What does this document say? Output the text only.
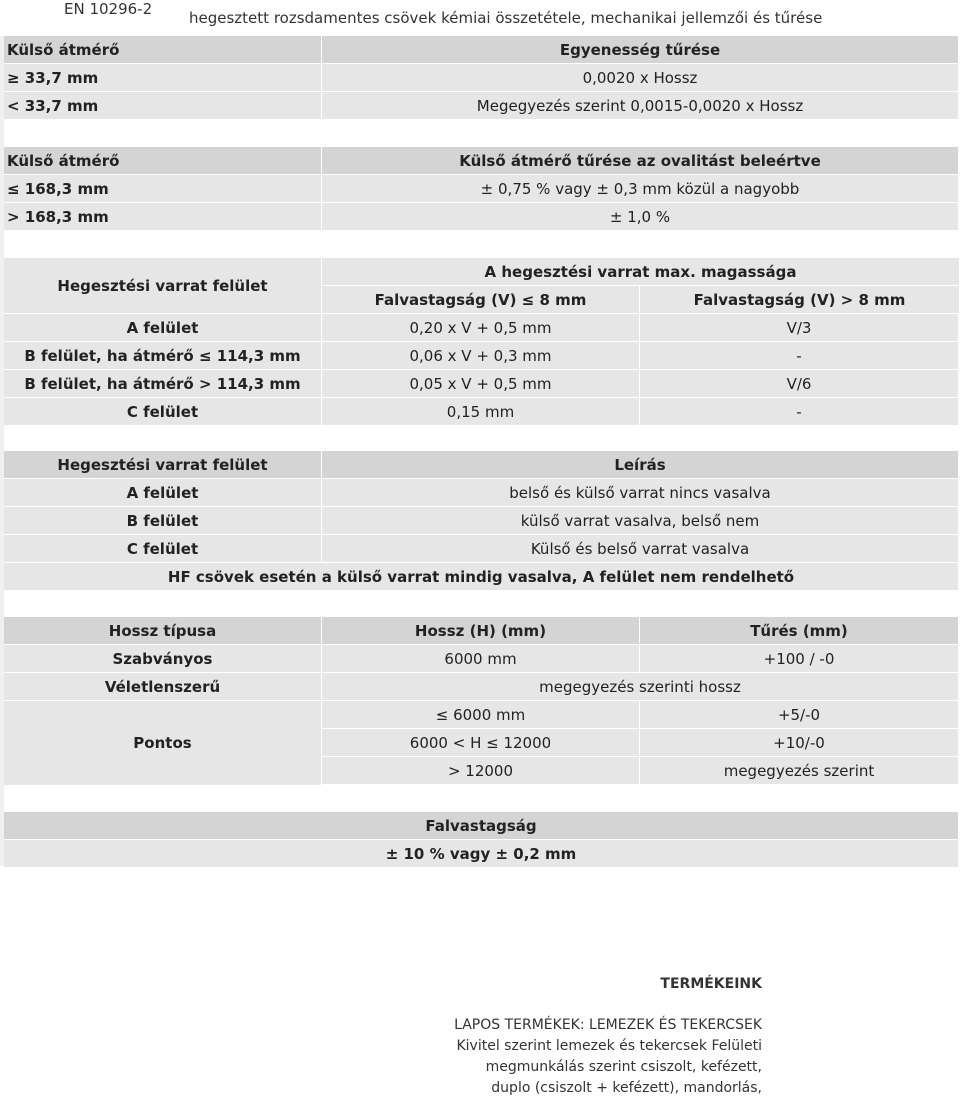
EN 10296-2 hegesztett rozsdamentes csövek kémiai összetétele, mechanikai jellemzői és tűrése
Külső átmérő	Egyenesség tűrése
≥ 33,7 mm	0,0020 x Hossz
< 33,7 mm	Megegyezés szerint 0,0015-0,0020 x Hossz
Külső átmérő	Külső átmérő tűrése az ovalitást beleértve
≤ 168,3 mm	± 0,75 % vagy ± 0,3 mm közül a nagyobb
> 168,3 mm	± 1,0 %
Hegesztési varrat felület
A hegesztési varrat max. magassága
Falvastagság (V) ≤ 8 mm	Falvastagság (V) > 8 mm
A felület	0,20 x V + 0,5 mm	V/3
B felület, ha átmérő ≤ 114,3 mm	0,06 x V + 0,3 mm	-
B felület, ha átmérő > 114,3 mm	0,05 x V + 0,5 mm	V/6
C felület	0,15 mm	-
Hegesztési varrat felület	Leírás
A felület	belső és külső varrat nincs vasalva
B felület	külső varrat vasalva, belső nem
C felület	Külső és belső varrat vasalva
HF csövek esetén a külső varrat mindig vasalva, A felület nem rendelhető
Hossz típusa	Hossz (H) (mm)	Tűrés (mm)
Szabványos	6000 mm	+100 / -0
Véletlenszerű	megegyezés szerinti hossz
Pontos
≤ 6000 mm	+5/-0
6000 < H ≤ 12000	+10/-0
> 12000	megegyezés szerint
Falvastagság
± 10 % vagy ± 0,2 mm
TERMÉKEINK
LAPOS TERMÉKEK: LEMEZEK ÉS TEKERCSEK
Kivitel szerint lemezek és tekercsek Felületi
megmunkálás szerint csiszolt, kefézett,
duplo (csiszolt + kefézett), mandorlás,
